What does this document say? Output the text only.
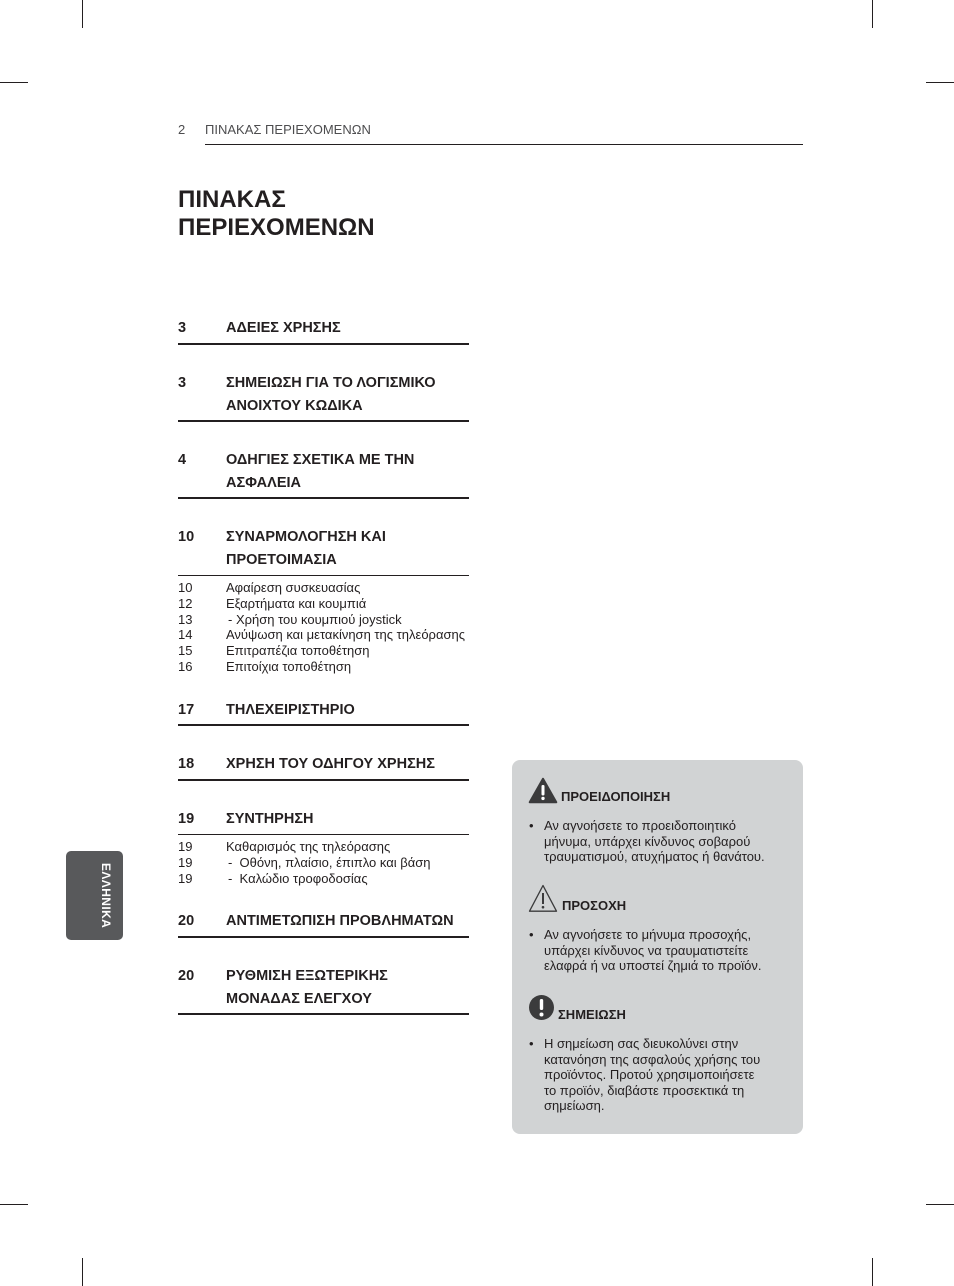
2 ΠΙΝΑΚΑΣ ΠΕΡΙΕΧΟΜΕΝΩΝ
ΠΙΝΑΚΑΣ
ΠΕΡΙΕΧΟΜΕΝΩΝ
3	ΑΔΕΙΕΣ ΧΡΗΣΗΣ
3	ΣΗΜΕΙΩΣΗ ΓΙΑ ΤΟ ΛΟΓΙΣΜΙΚΟ
ΑΝΟΙΧΤΟΥ ΚΩΔΙΚΑ
4	ΟΔΗΓΙΕΣ ΣΧΕΤΙΚΑ ΜΕ ΤΗΝ
ΑΣΦΑΛΕΙΑ
10 ΣΥΝΑΡΜΟΛΟΓΗΣΗ ΚΑΙ
ΠΡΟΕΤΟΙΜΑΣΙΑ
10	Αφαίρεση συσκευασίας
12	Εξαρτήματα και κουμπιά
13	- Χρήση του κουμπιού joystick
14	Ανύψωση και μετακίνηση της τηλεόρασης
15	Επιτραπέζια τοποθέτηση
16	Επιτοίχια τοποθέτηση
17 ΤΗΛΕΧΕΙΡΙΣΤΗΡΙΟ
18 ΧΡΗΣΗ ΤΟΥ ΟΔΗΓΟΥ ΧΡΗΣΗΣ
19 ΣΥΝΤΗΡΗΣΗ
19	Καθαρισμός της τηλεόρασης
19	-  Οθόνη, πλαίσιο, έπιπλο και βάση
19	-  Καλώδιο τροφοδοσίας
20 ΑΝΤΙΜΕΤΩΠΙΣΗ ΠΡΟΒΛΗΜΑΤΩΝ
20 ΡΥΘΜΙΣΗ ΕΞΩΤΕΡΙΚΗΣ
ΜΟΝΑΔΑΣ ΕΛΕΓΧΟΥ
ΕΛΛΗΝΙΚΑ
ΠΡΟΕΙΔΟΠΟΙΗΣΗ
• Αν αγνοήσετε το προειδοποιητικό
μήνυμα, υπάρχει κίνδυνος σοβαρού
τραυματισμού, ατυχήματος ή θανάτου.
ΠΡΟΣΟΧΗ
• Αν αγνοήσετε το μήνυμα προσοχής,
υπάρχει κίνδυνος να τραυματιστείτε
ελαφρά ή να υποστεί ζημιά το προϊόν.
ΣΗΜΕΙΩΣΗ
• Η σημείωση σας διευκολύνει στην
κατανόηση της ασφαλούς χρήσης του
προϊόντος. Προτού χρησιμοποιήσετε
το προϊόν, διαβάστε προσεκτικά τη
σημείωση.
